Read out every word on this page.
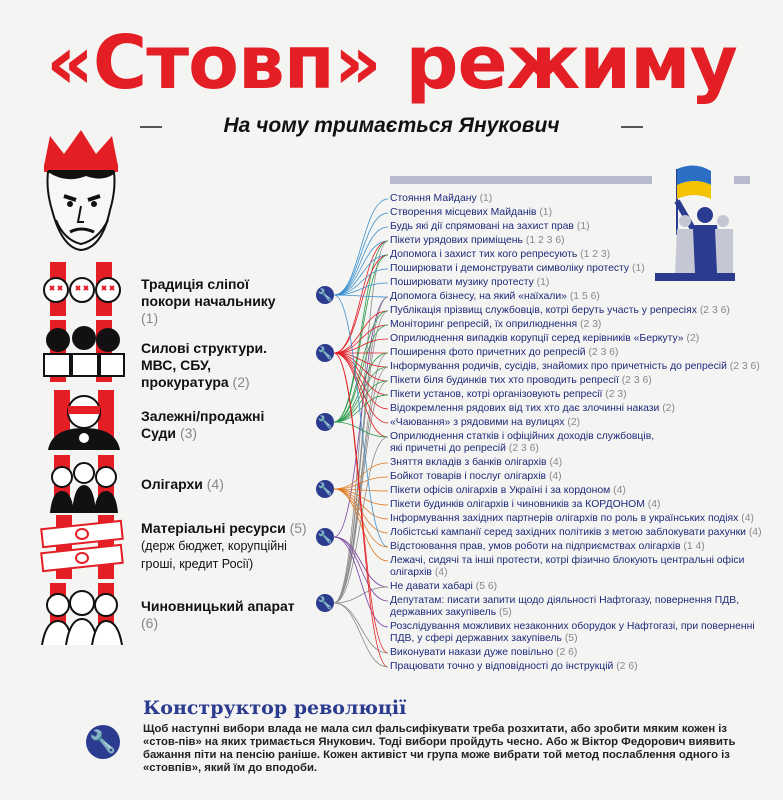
«Стовп» режиму
На чому тримається Янукович
Традиція сліпої покори начальнику (1)
Силові структури. МВС, СБУ, прокуратура (2)
Залежні/продажні Суди (3)
Олігархи (4)
Матеріальні ресурси (5)
(держ бюджет, корупційні гроші, кредит Росії)
Чиновницький апарат
(6)
🔧
🔧
🔧
🔧
🔧
🔧
Стояння Майдану (1)
Створення місцевих Майданів (1)
Будь які дії спрямовані на захист прав (1)
Пікети урядових приміщень (1 2 3 6)
Допомога і захист тих кого репресують (1 2 3)
Поширювати і демонструвати символіку протесту (1)
Поширювати музику протесту (1)
Допомога бізнесу, на який «наїхали» (1 5 6)
Публікація прізвищ службовців, котрі беруть участь у репресіях (2 3 6)
Моніторинг репресій, їх оприлюднення (2 3)
Оприлюднення випадків корупції серед керівників «Беркуту» (2)
Поширення фото причетних до репресій (2 3 6)
Інформування родичів, сусідів, знайомих про причетність до репресій (2 3 6)
Пікети біля будинків тих хто проводить репресії (2 3 6)
Пікети установ, котрі організовують репресії (2 3)
Відокремлення рядових від тих хто дає злочинні накази (2)
«Чаювання» з рядовими на вулицях (2)
Оприлюднення статків і офіційних доходів службовців,
які причетні до репресій (2 3 6)
Зняття вкладів з банків олігархів (4)
Бойкот товарів і послуг олігархів (4)
Пікети офісів олігархів в Україні і за кордоном (4)
Пікети будинків олігархів і чиновників за КОРДОНОМ (4)
Інформування західних партнерів олігархів по роль в українських подіях (4)
Лобістські кампанії серед західних політиків з метою заблокувати рахунки (4)
Відстоювання прав, умов роботи на підприємствах олігархів (1 4)
Лежачі, сидячі та інші протести, котрі фізично блокують центральні офіси
олігархів (4)
Не давати хабарі (5 6)
Депутатам: писати запити щодо діяльності Нафтогазу, повернення ПДВ,
державних закупівель (5)
Розслідування можливих незаконних оборудок у Нафтогазі, при поверненні
ПДВ, у сфері державних закупівель (5)
Виконувати накази дуже повільно (2 6)
Працювати точно у відповідності до інструкцій (2 6)
🔧
Конструктор революції
Щоб наступні вибори влада не мала сил фальсифікувати треба розхитати, або зробити мяким кожен із «стов-пів» на яких тримається Янукович. Тоді вибори пройдуть чесно. Або ж Віктор Федорович виявить бажання піти на пенсію раніше. Кожен активіст чи група може вибрати той метод послаблення одного із «стовпів», який їм до вподоби.
